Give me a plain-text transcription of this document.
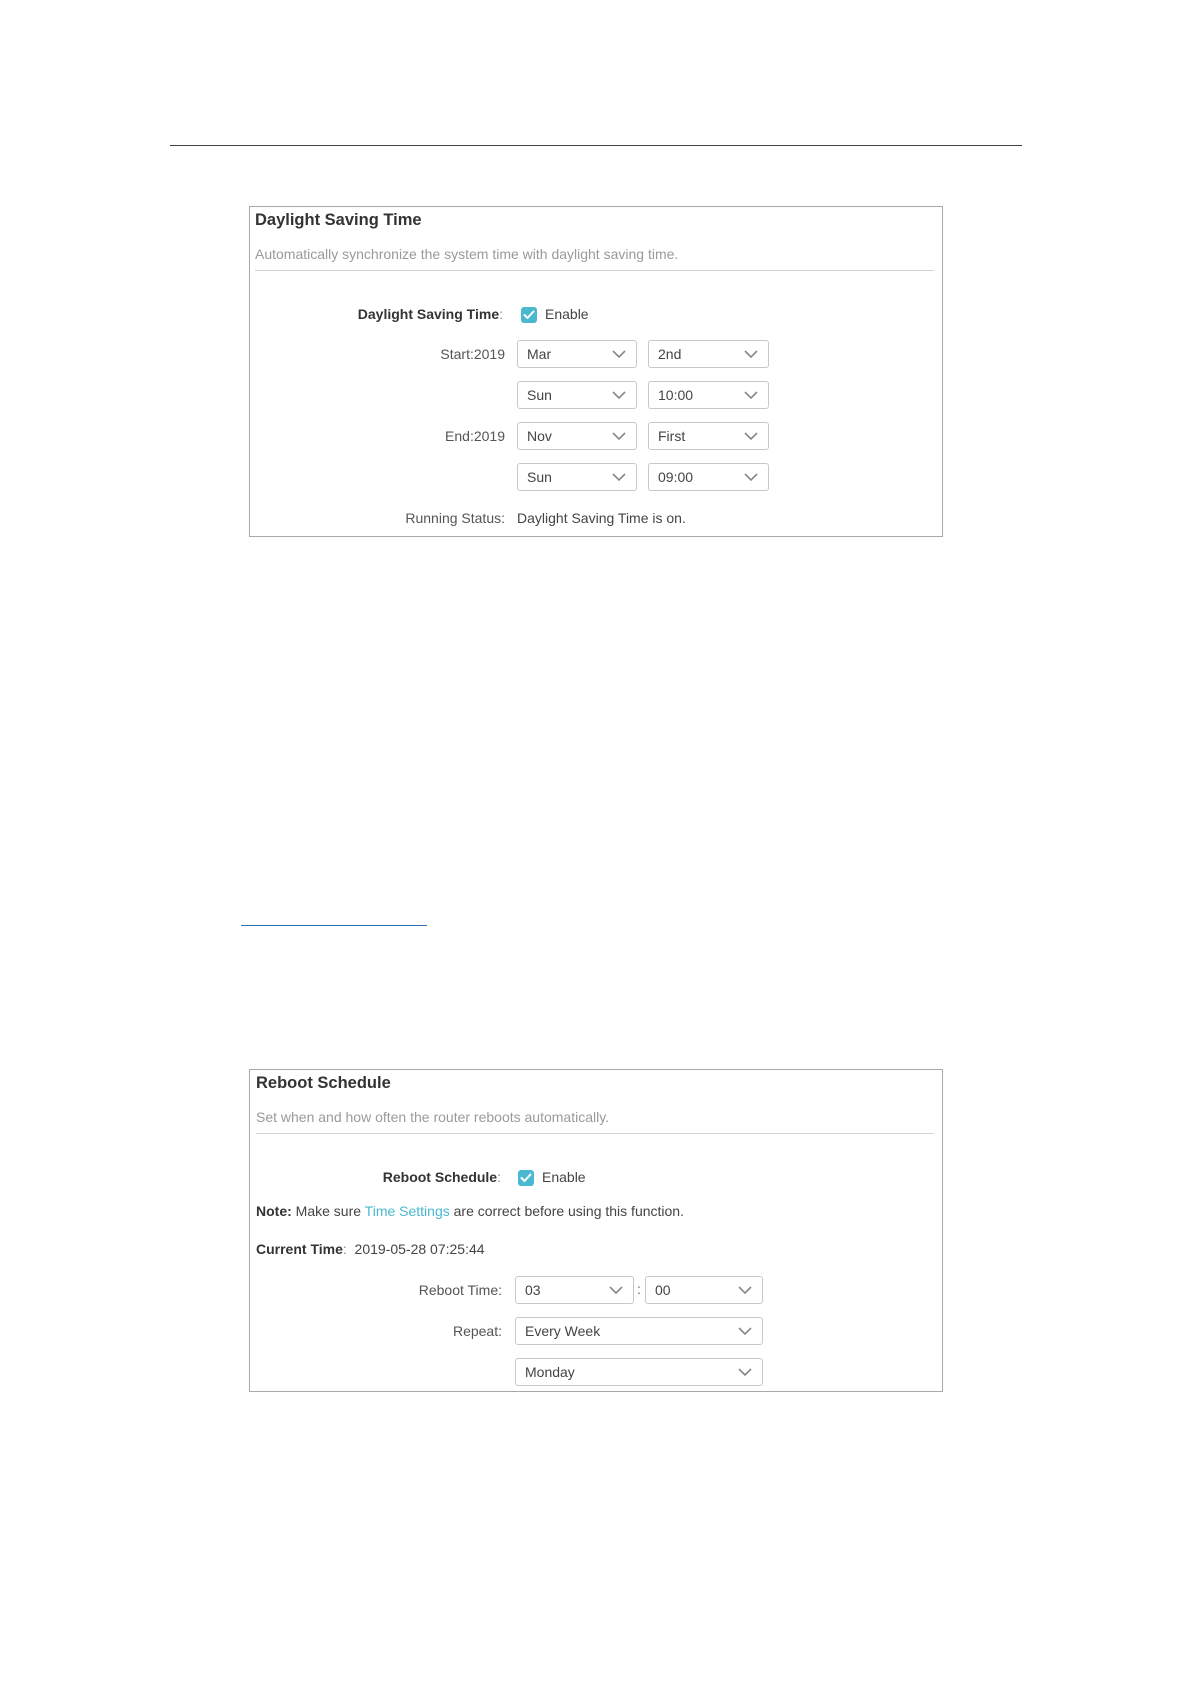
Daylight Saving Time
Automatically synchronize the system time with daylight saving time.
Daylight Saving Time:	Enable
Start:2019 Mar	2nd
Sun	10:00
End:2019 Nov	First
Sun	09:00
Running Status: Daylight Saving Time is on.
Reboot Schedule
Set when and how often the router reboots automatically.
Reboot Schedule:	Enable
Note: Make sure Time Settings are correct before using this function.
Current Time: 2019-05-28 07:25:44
Reboot Time: 03	: 00
Repeat: Every Week
Monday
